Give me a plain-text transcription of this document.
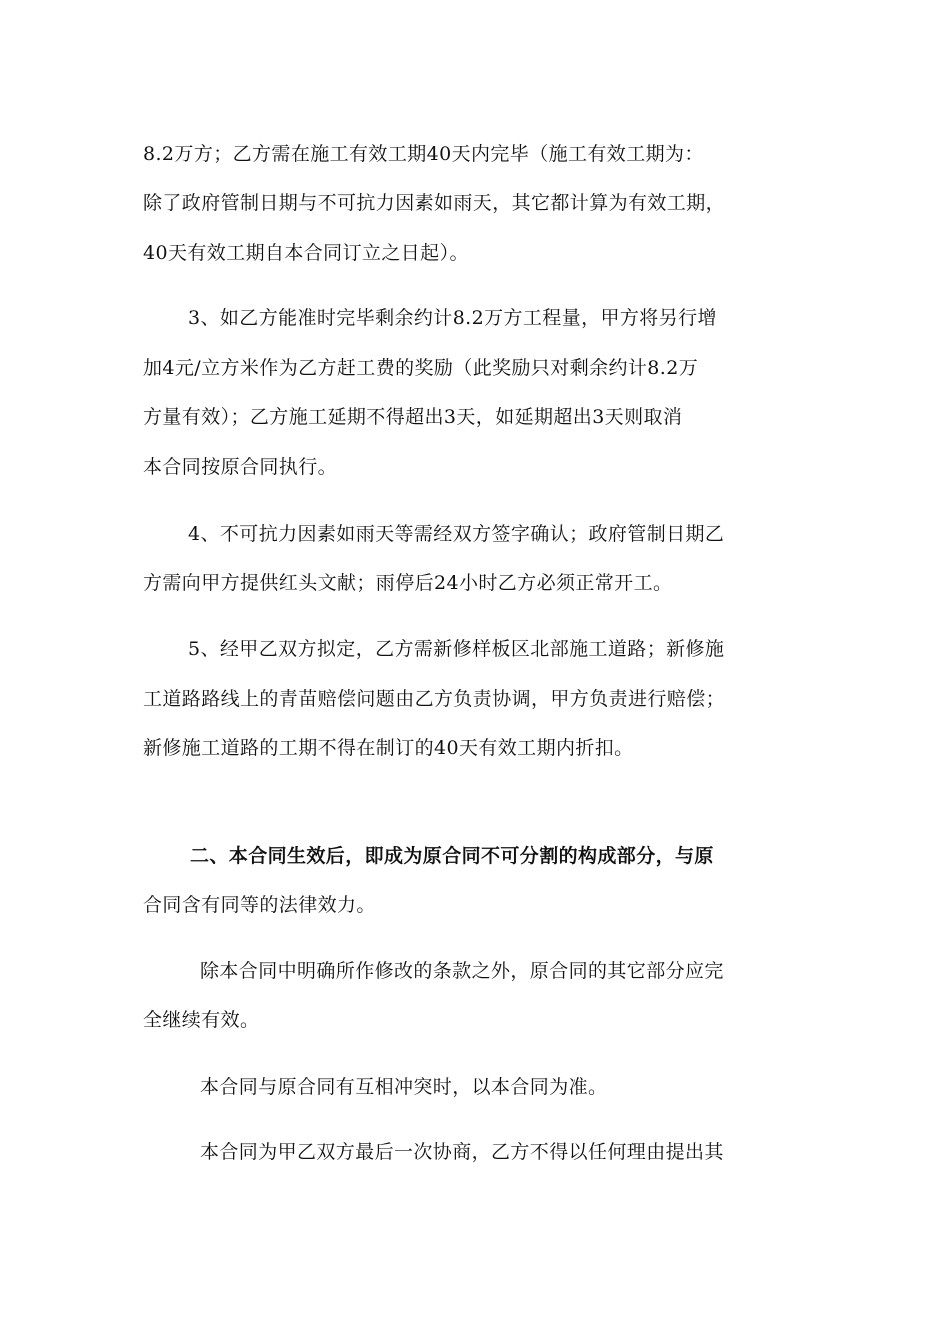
8.2万方；乙方需在施工有效工期40天内完毕（施工有效工期为：

除了政府管制日期与不可抗力因素如雨天，其它都计算为有效工期，

40天有效工期自本合同订立之日起）。

3、如乙方能准时完毕剩余约计8.2万方工程量，甲方将另行增

加4元/立方米作为乙方赶工费的奖励（此奖励只对剩余约计8.2万

方量有效）；乙方施工延期不得超出3天，如延期超出3天则取消

本合同按原合同执行。

4、不可抗力因素如雨天等需经双方签字确认；政府管制日期乙

方需向甲方提供红头文献；雨停后24小时乙方必须正常开工。

5、经甲乙双方拟定，乙方需新修样板区北部施工道路；新修施

工道路路线上的青苗赔偿问题由乙方负责协调，甲方负责进行赔偿；

新修施工道路的工期不得在制订的40天有效工期内折扣。

二、本合同生效后，即成为原合同不可分割的构成部分，与原

合同含有同等的法律效力。

除本合同中明确所作修改的条款之外，原合同的其它部分应完

全继续有效。

本合同与原合同有互相冲突时，以本合同为准。

本合同为甲乙双方最后一次协商，乙方不得以任何理由提出其
